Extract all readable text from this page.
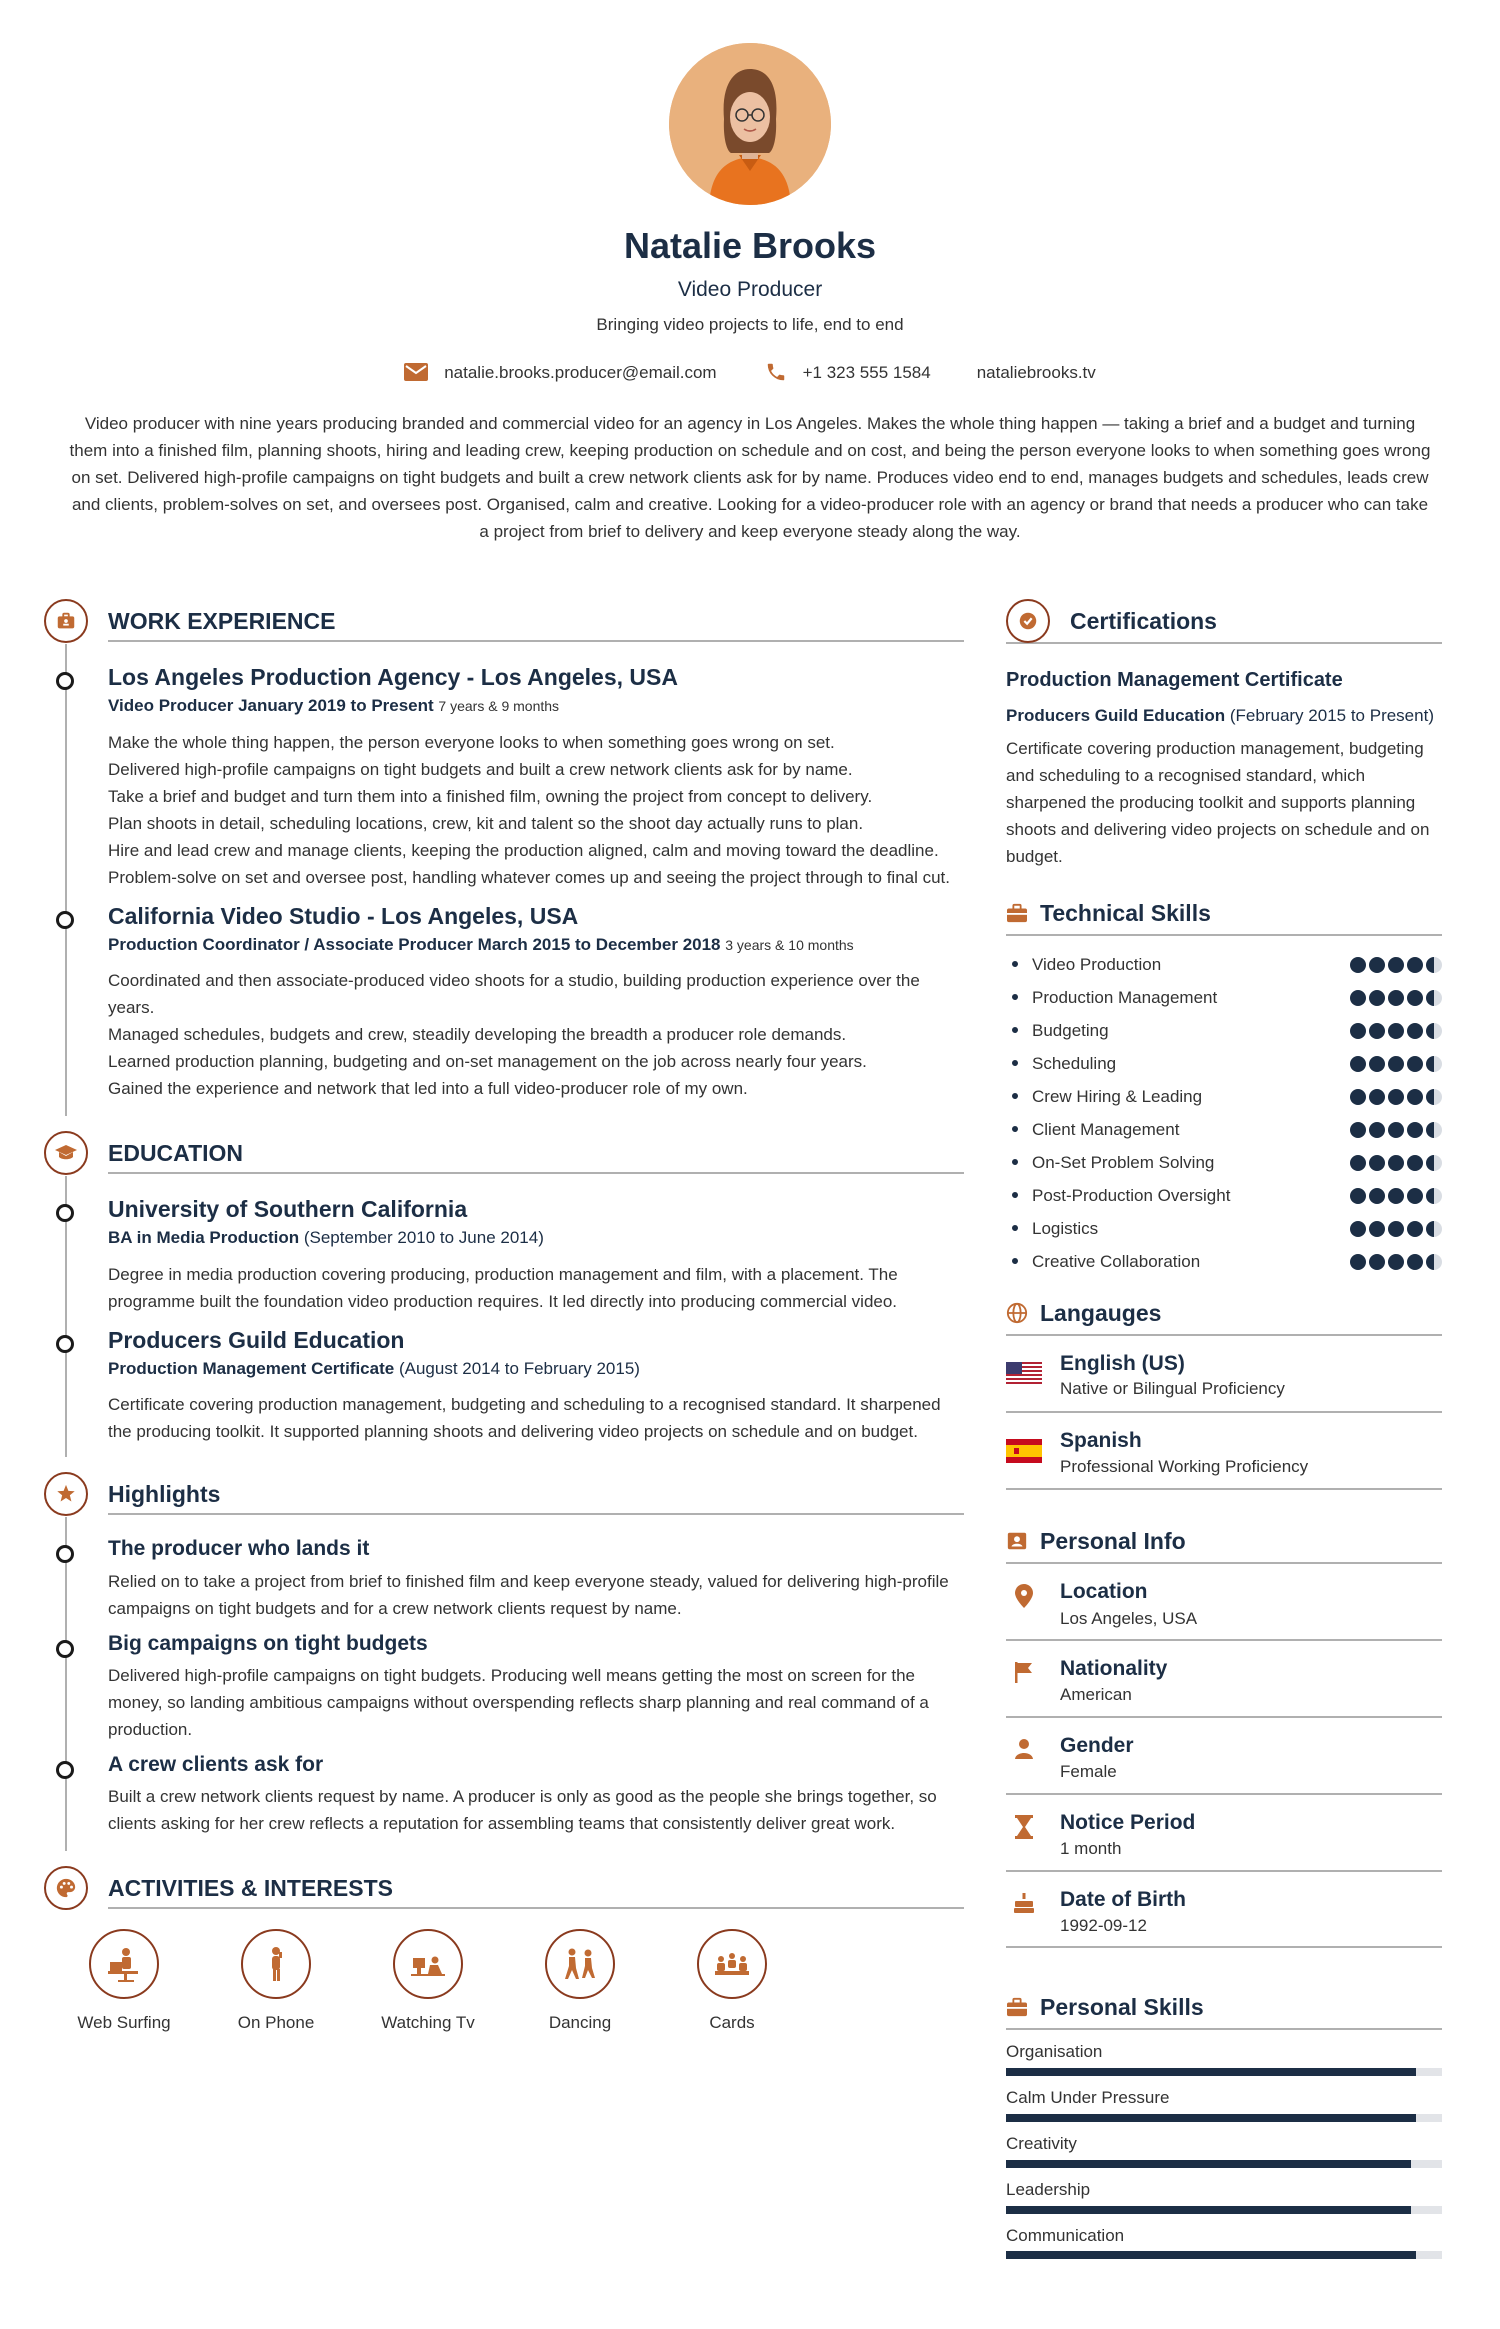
Natalie Brooks
Video Producer
Bringing video projects to life, end to end
natalie.brooks.producer@email.com	+1 323 555 1584	nataliebrooks.tv
Video producer with nine years producing branded and commercial video for an agency in Los Angeles. Makes the whole thing happen — taking a brief and a budget and turning them into a finished film, planning shoots, hiring and leading crew, keeping production on schedule and on cost, and being the person everyone looks to when something goes wrong on set. Delivered high-profile campaigns on tight budgets and built a crew network clients ask for by name. Produces video end to end, manages budgets and schedules, leads crew and clients, problem-solves on set, and oversees post. Organised, calm and creative. Looking for a video-producer role with an agency or brand that needs a producer who can take a project from brief to delivery and keep everyone steady along the way.
WORK EXPERIENCE
Los Angeles Production Agency - Los Angeles, USA
Video Producer January 2019 to Present 7 years & 9 months
Make the whole thing happen, the person everyone looks to when something goes wrong on set.
Delivered high-profile campaigns on tight budgets and built a crew network clients ask for by name.
Take a brief and budget and turn them into a finished film, owning the project from concept to delivery.
Plan shoots in detail, scheduling locations, crew, kit and talent so the shoot day actually runs to plan.
Hire and lead crew and manage clients, keeping the production aligned, calm and moving toward the deadline.
Problem-solve on set and oversee post, handling whatever comes up and seeing the project through to final cut.
California Video Studio - Los Angeles, USA
Production Coordinator / Associate Producer March 2015 to December 2018 3 years & 10 months
Coordinated and then associate-produced video shoots for a studio, building production experience over the years.
Managed schedules, budgets and crew, steadily developing the breadth a producer role demands.
Learned production planning, budgeting and on-set management on the job across nearly four years.
Gained the experience and network that led into a full video-producer role of my own.
EDUCATION
University of Southern California
BA in Media Production (September 2010 to June 2014)
Degree in media production covering producing, production management and film, with a placement. The programme built the foundation video production requires. It led directly into producing commercial video.
Producers Guild Education
Production Management Certificate (August 2014 to February 2015)
Certificate covering production management, budgeting and scheduling to a recognised standard. It sharpened the producing toolkit. It supported planning shoots and delivering video projects on schedule and on budget.
Highlights
The producer who lands it
Relied on to take a project from brief to finished film and keep everyone steady, valued for delivering high-profile campaigns on tight budgets and for a crew network clients request by name.
Big campaigns on tight budgets
Delivered high-profile campaigns on tight budgets. Producing well means getting the most on screen for the money, so landing ambitious campaigns without overspending reflects sharp planning and real command of a production.
A crew clients ask for
Built a crew network clients request by name. A producer is only as good as the people she brings together, so clients asking for her crew reflects a reputation for assembling teams that consistently deliver great work.
ACTIVITIES & INTERESTS
Web Surfing	On Phone	Watching Tv	Dancing	Cards
Certifications
Production Management Certificate
Producers Guild Education (February 2015 to Present)
Certificate covering production management, budgeting and scheduling to a recognised standard, which sharpened the producing toolkit and supports planning shoots and delivering video projects on schedule and on budget.
Technical Skills
Video Production
Production Management
Budgeting
Scheduling
Crew Hiring & Leading
Client Management
On-Set Problem Solving
Post-Production Oversight
Logistics
Creative Collaboration
Langauges
English (US)
Native or Bilingual Proficiency
Spanish
Professional Working Proficiency
Personal Info
Location
Los Angeles, USA
Nationality
American
Gender
Female
Notice Period
1 month
Date of Birth
1992-09-12
Personal Skills
Organisation
Calm Under Pressure
Creativity
Leadership
Communication
